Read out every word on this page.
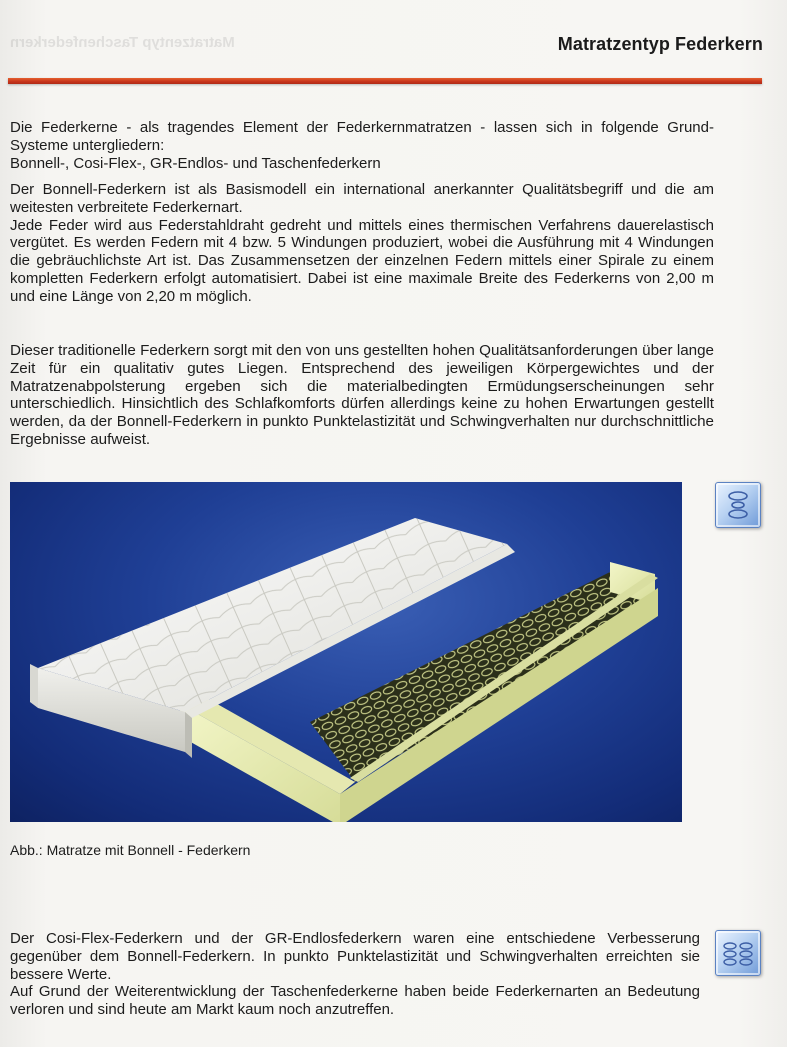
Matratzentyp Taschenfederkern	Matratzentyp Federkern

Die Federkerne - als tragendes Element der Federkernmatratzen - lassen sich in folgende Grund-Systeme untergliedern:

Bonnell-, Cosi-Flex-, GR-Endlos- und Taschenfederkern

Der Bonnell-Federkern ist als Basismodell ein international anerkannter Qualitätsbegriff und die am weitesten verbreitete Federkernart.

Jede Feder wird aus Federstahldraht gedreht und mittels eines thermischen Verfahrens dauerelastisch vergütet. Es werden Federn mit 4 bzw. 5 Windungen produziert, wobei die Ausführung mit 4 Windungen die gebräuchlichste Art ist. Das Zusammensetzen der einzelnen Federn mittels einer Spirale zu einem kompletten Federkern erfolgt automatisiert. Dabei ist eine maximale Breite des Federkerns von 2,00 m und eine Länge von 2,20 m möglich.

Dieser traditionelle Federkern sorgt mit den von uns gestellten hohen Qualitätsanforderungen über lange Zeit für ein qualitativ gutes Liegen. Entsprechend des jeweiligen Körpergewichtes und der Matratzenabpolsterung ergeben sich die materialbedingten Ermüdungserscheinungen sehr unterschiedlich. Hinsichtlich des Schlafkomforts dürfen allerdings keine zu hohen Erwartungen gestellt werden, da der Bonnell-Federkern in punkto Punktelastizität und Schwingverhalten nur durchschnittliche Ergebnisse aufweist.

Abb.: Matratze mit Bonnell - Federkern

Der Cosi-Flex-Federkern und der GR-Endlosfederkern waren eine entschiedene Verbesserung gegenüber dem Bonnell-Federkern. In punkto Punktelastizität und Schwingverhalten erreichten sie bessere Werte.

Auf Grund der Weiterentwicklung der Taschenfederkerne haben beide Federkernarten an Bedeutung verloren und sind heute am Markt kaum noch anzutreffen.
